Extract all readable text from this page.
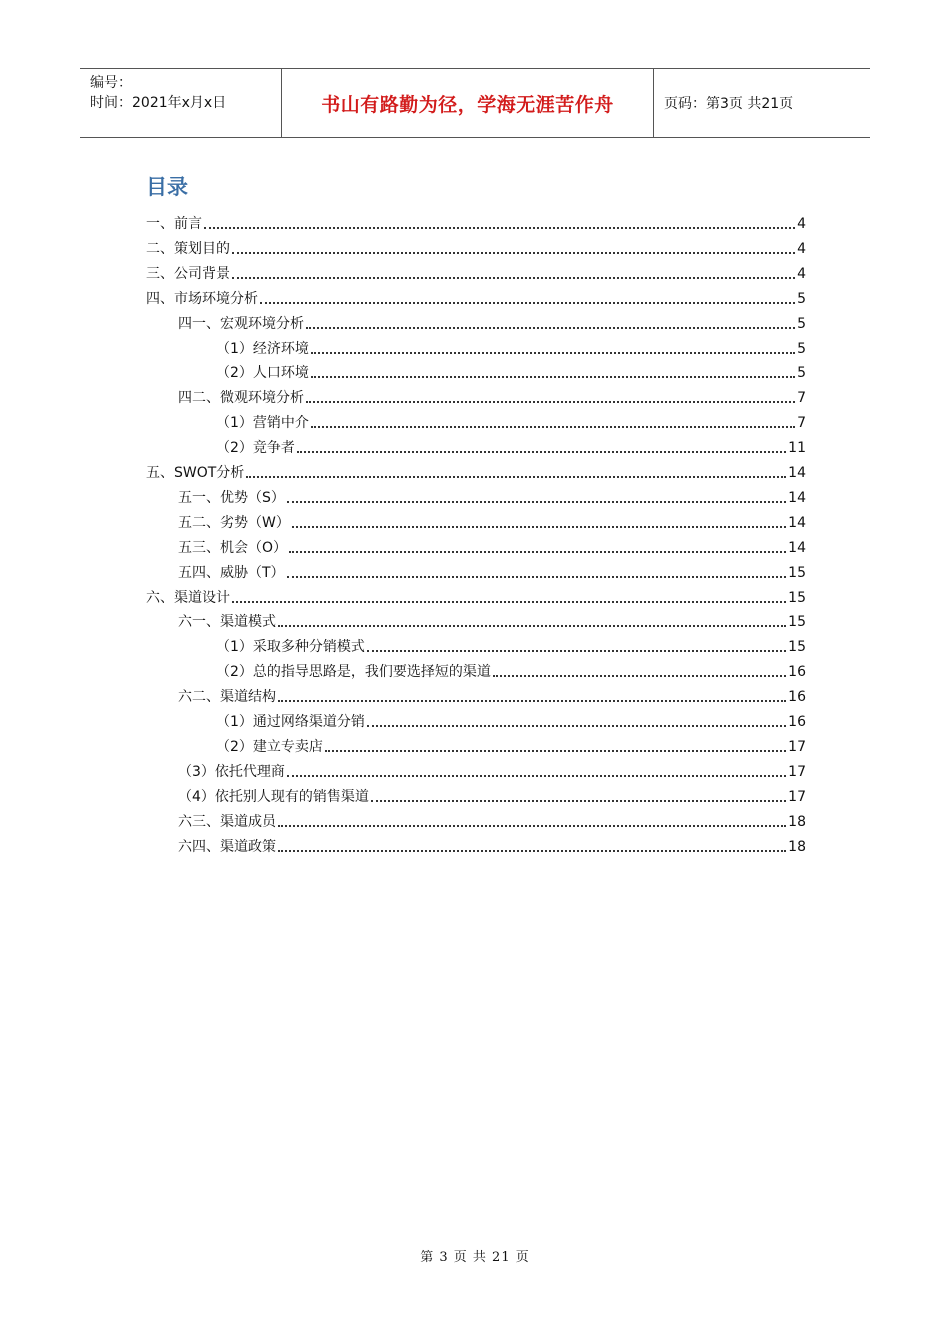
编号：
时间：2021年x月x日	书山有路勤为径，学海无涯苦作舟	页码：第3页 共21页
目录
一、前言	4
二、策划目的	4
三、公司背景	4
四、市场环境分析	5
四一、宏观环境分析	5
（1）经济环境	5
（2）人口环境	5
四二、微观环境分析	7
（1）营销中介	7
（2）竞争者	11
五、SWOT分析	14
五一、优势（S）	14
五二、劣势（W）	14
五三、机会（O）	14
五四、威胁（T）	15
六、渠道设计	15
六一、渠道模式	15
（1）采取多种分销模式	15
（2）总的指导思路是，我们要选择短的渠道	16
六二、渠道结构	16
（1）通过网络渠道分销	16
（2）建立专卖店	17
（3）依托代理商	17
（4）依托别人现有的销售渠道	17
六三、渠道成员	18
六四、渠道政策	18
第 3 页 共 21 页
